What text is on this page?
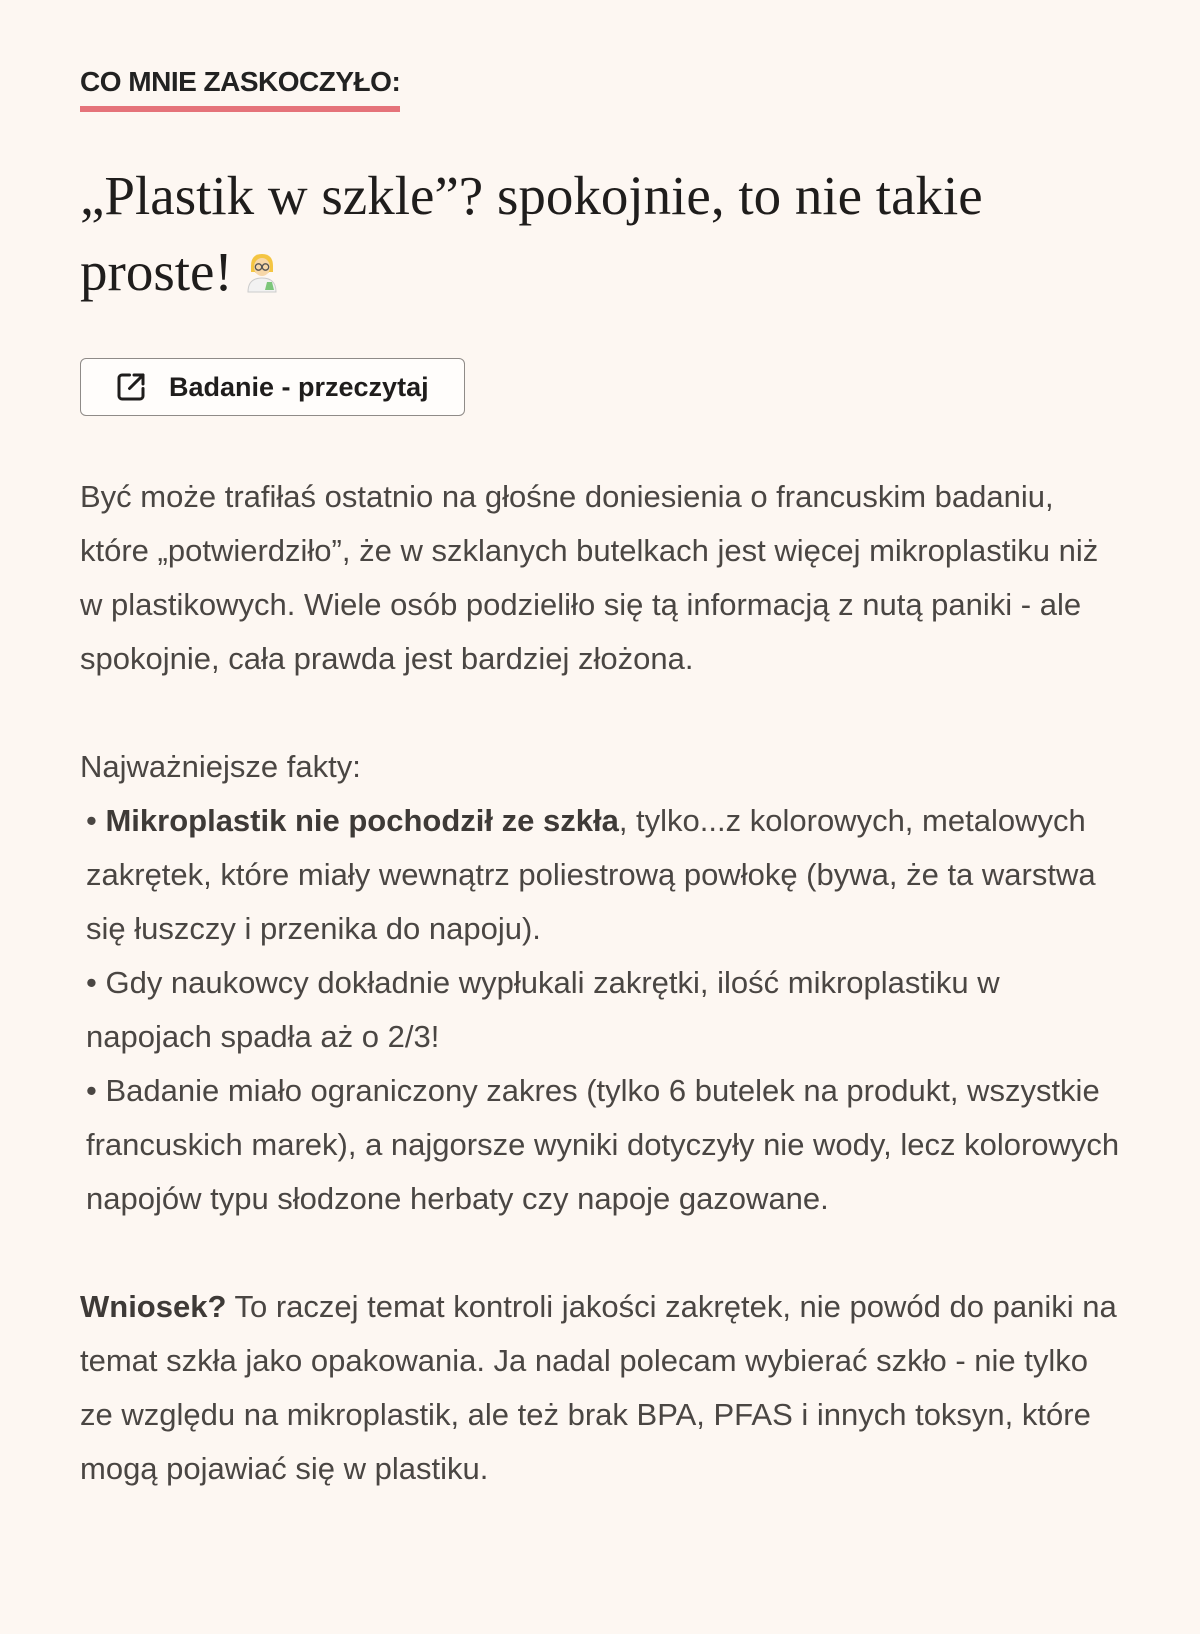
CO MNIE ZASKOCZYŁO:
„Plastik w szkle”? spokojnie, to nie takie proste!
Badanie - przeczytaj

Być może trafiłaś ostatnio na głośne doniesienia o francuskim badaniu, które „potwierdziło”, że w szklanych butelkach jest więcej mikroplastiku niż w plastikowych. Wiele osób podzieliło się tą informacją z nutą paniki - ale spokojnie, cała prawda jest bardziej złożona.

Najważniejsze fakty:

• Mikroplastik nie pochodził ze szkła, tylko...z kolorowych, metalowych zakrętek, które miały wewnątrz poliestrową powłokę (bywa, że ta warstwa się łuszczy i przenika do napoju).

• Gdy naukowcy dokładnie wypłukali zakrętki, ilość mikroplastiku w napojach spadła aż o 2/3!

• Badanie miało ograniczony zakres (tylko 6 butelek na produkt, wszystkie francuskich marek), a najgorsze wyniki dotyczyły nie wody, lecz kolorowych napojów typu słodzone herbaty czy napoje gazowane.

Wniosek? To raczej temat kontroli jakości zakrętek, nie powód do paniki na temat szkła jako opakowania. Ja nadal polecam wybierać szkło - nie tylko ze względu na mikroplastik, ale też brak BPA, PFAS i innych toksyn, które mogą pojawiać się w plastiku.
